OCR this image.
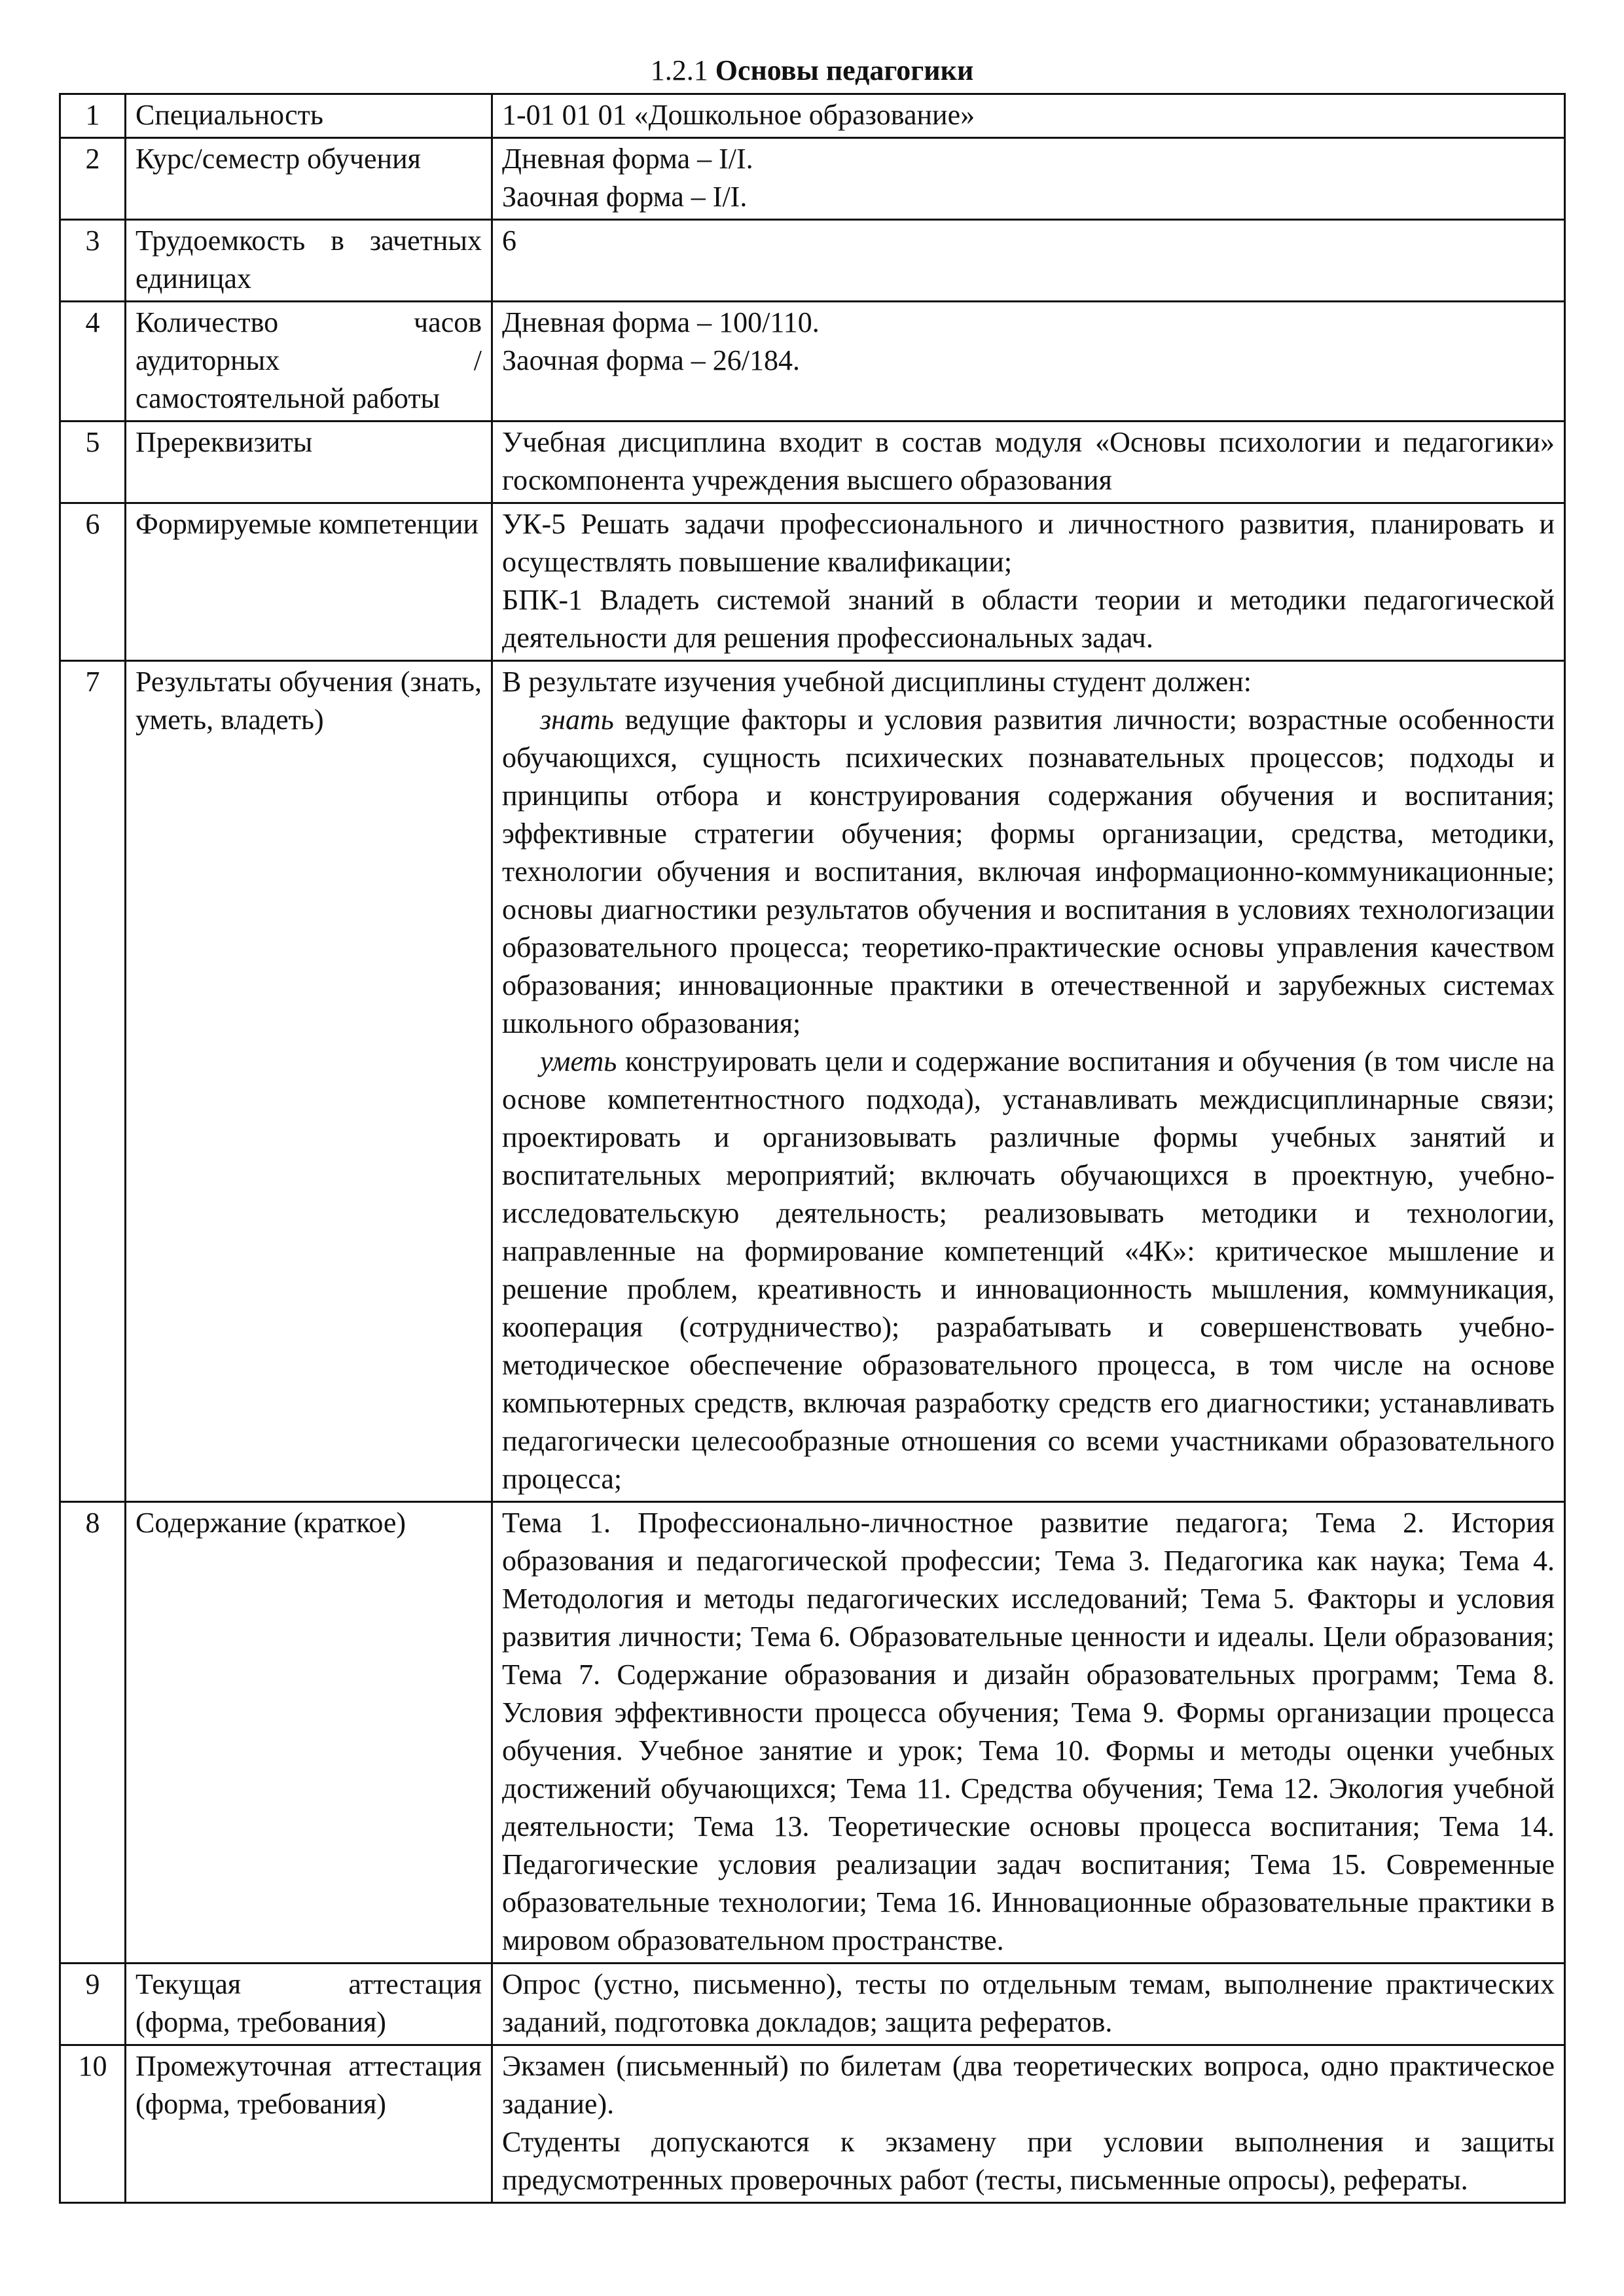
1.2.1 Основы педагогики
1	Специальность	1-01 01 01 «Дошкольное образование»
2	Курс/семестр обучения	Дневная форма – I/I.
Заочная форма – I/I.

3	Трудоемкость в зачетных единицах	6
4	Количество часов аудиторных / самостоятельной работы	Дневная форма – 100/110.
Заочная форма – 26/184.

5	Пререквизиты	Учебная дисциплина входит в состав модуля «Основы психологии и педагогики» госкомпонента учреждения высшего образования
6	Формируемые компетенции	УК-5 Решать задачи профессионального и личностного развития, планировать и осуществлять повышение квалификации;
БПК-1 Владеть системой знаний в области теории и методики педагогической деятельности для решения профессиональных задач.

7	Результаты обучения (знать, уметь, владеть)	В результате изучения учебной дисциплины студент должен:
знать ведущие факторы и условия развития личности; возрастные особенности обучающихся, сущность психических познавательных процессов; подходы и принципы отбора и конструирования содержания обучения и воспитания; эффективные стратегии обучения; формы организации, средства, методики, технологии обучения и воспитания, включая информационно-коммуникационные; основы диагностики результатов обучения и воспитания в условиях технологизации образовательного процесса; теоретико-практические основы управления качеством образования; инновационные практики в отечественной и зарубежных системах школьного образования;
уметь конструировать цели и содержание воспитания и обучения (в том числе на основе компетентностного подхода), устанавливать междисциплинарные связи; проектировать и организовывать различные формы учебных занятий и воспитательных мероприятий; включать обучающихся в проектную, учебно-исследовательскую деятельность; реализовывать методики и технологии, направленные на формирование компетенций «4К»: критическое мышление и решение проблем, креативность и инновационность мышления, коммуникация, кооперация (сотрудничество); разрабатывать и совершенствовать учебно-методическое обеспечение образовательного процесса, в том числе на основе компьютерных средств, включая разработку средств его диагностики; устанавливать педагогически целесообразные отношения со всеми участниками образовательного процесса;

8	Содержание (краткое)	Тема 1. Профессионально-личностное развитие педагога; Тема 2. История образования и педагогической профессии; Тема 3. Педагогика как наука; Тема 4. Методология и методы педагогических исследований; Тема 5. Факторы и условия развития личности; Тема 6. Образовательные ценности и идеалы. Цели образования; Тема 7. Содержание образования и дизайн образовательных программ; Тема 8. Условия эффективности процесса обучения; Тема 9. Формы организации процесса обучения. Учебное занятие и урок; Тема 10. Формы и методы оценки учебных достижений обучающихся; Тема 11. Средства обучения; Тема 12. Экология учебной деятельности; Тема 13. Теоретические основы процесса воспитания; Тема 14. Педагогические условия реализации задач воспитания; Тема 15. Современные образовательные технологии; Тема 16. Инновационные образовательные практики в мировом образовательном пространстве.
9	Текущая аттестация (форма, требования)	Опрос (устно, письменно), тесты по отдельным темам, выполнение практических заданий, подготовка докладов; защита рефератов.
10	Промежуточная аттестация (форма, требования)	Экзамен (письменный) по билетам (два теоретических вопроса, одно практическое задание).
Студенты допускаются к экзамену при условии выполнения и защиты предусмотренных проверочных работ (тесты, письменные опросы), рефераты.
